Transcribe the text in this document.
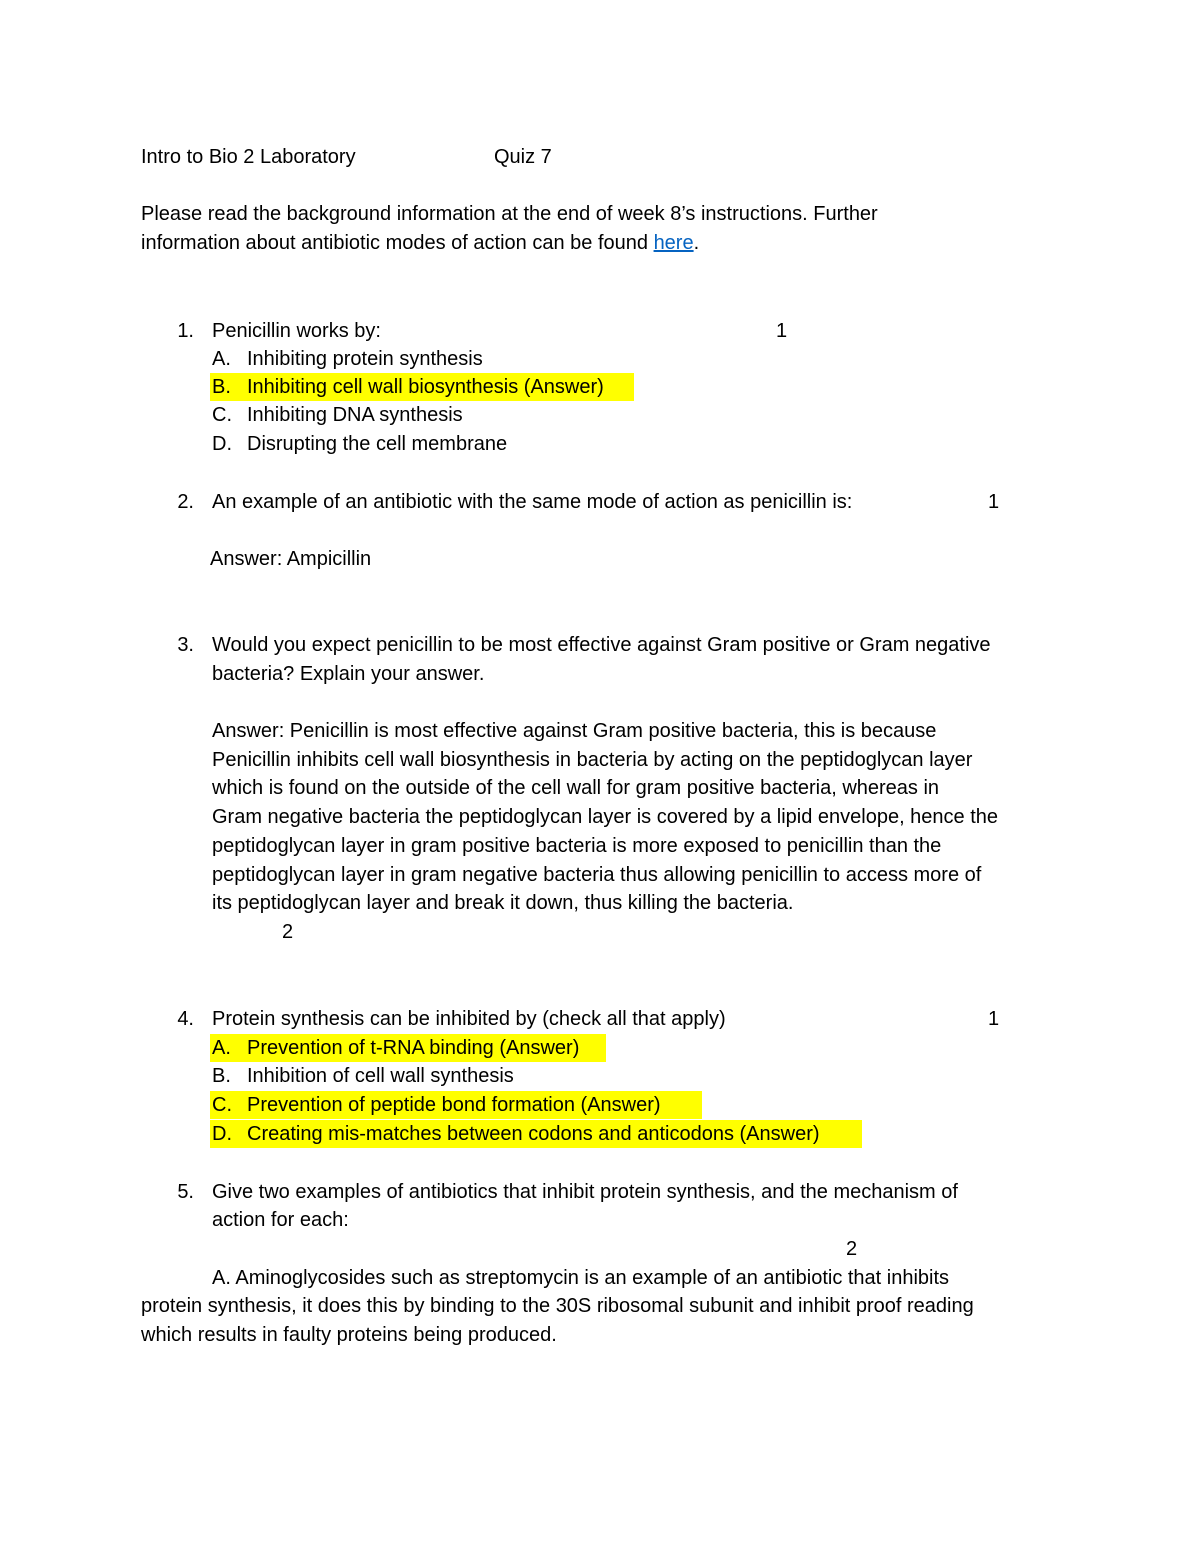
Intro to Bio 2 Laboratory	Quiz 7
Please read the background information at the end of week 8’s instructions. Further
information about antibiotic modes of action can be found here.
1. Penicillin works by:	1
A. Inhibiting protein synthesis
B. Inhibiting cell wall biosynthesis (Answer)
C. Inhibiting DNA synthesis
D. Disrupting the cell membrane
2. An example of an antibiotic with the same mode of action as penicillin is:	1
Answer: Ampicillin
3. Would you expect penicillin to be most effective against Gram positive or Gram negative
bacteria? Explain your answer.
Answer: Penicillin is most effective against Gram positive bacteria, this is because
Penicillin inhibits cell wall biosynthesis in bacteria by acting on the peptidoglycan layer
which is found on the outside of the cell wall for gram positive bacteria, whereas in
Gram negative bacteria the peptidoglycan layer is covered by a lipid envelope, hence the
peptidoglycan layer in gram positive bacteria is more exposed to penicillin than the
peptidoglycan layer in gram negative bacteria thus allowing penicillin to access more of
its peptidoglycan layer and break it down, thus killing the bacteria.
2
4. Protein synthesis can be inhibited by (check all that apply)	1
A. Prevention of t-RNA binding (Answer)
B. Inhibition of cell wall synthesis
C. Prevention of peptide bond formation (Answer)
D. Creating mis-matches between codons and anticodons (Answer)
5. Give two examples of antibiotics that inhibit protein synthesis, and the mechanism of
action for each:
2
A. Aminoglycosides such as streptomycin is an example of an antibiotic that inhibits
protein synthesis, it does this by binding to the 30S ribosomal subunit and inhibit proof reading
which results in faulty proteins being produced.
